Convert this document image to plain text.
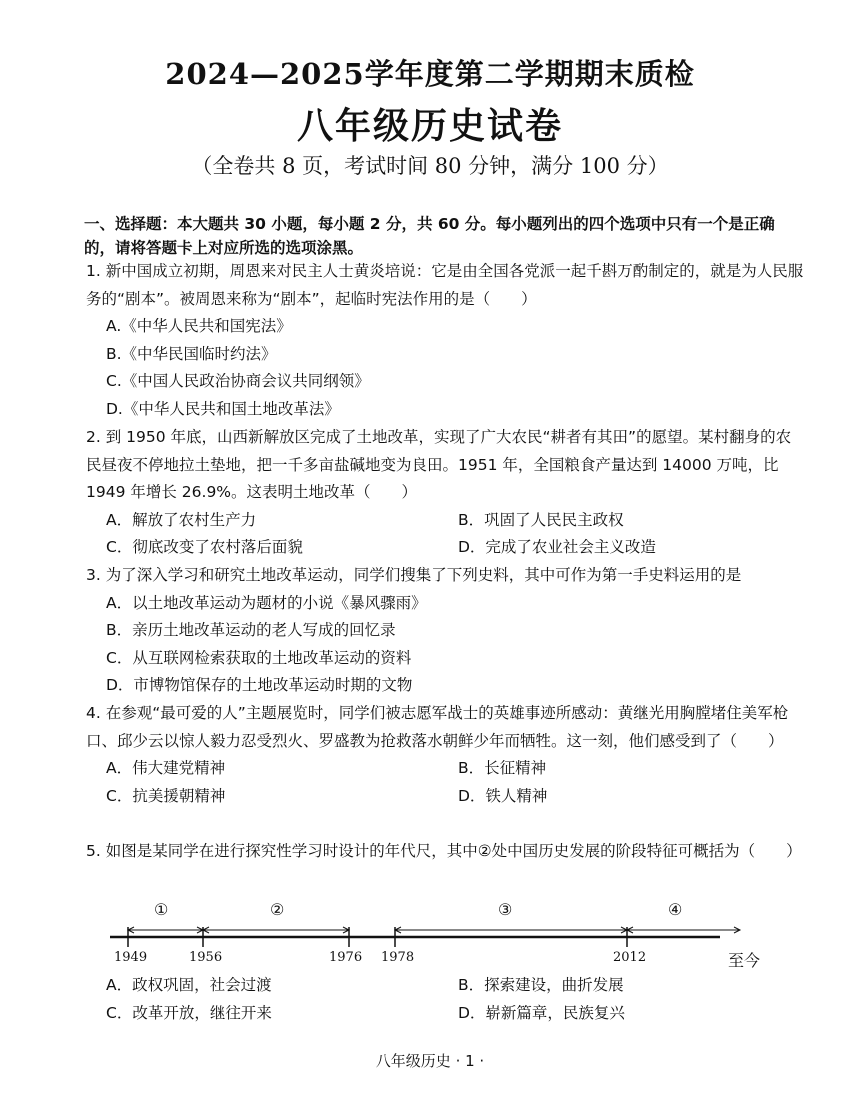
2024—2025学年度第二学期期末质检
八年级历史试卷
（全卷共 8 页，考试时间 80 分钟，满分 100 分）
一、选择题：本大题共 30 小题，每小题 2 分，共 60 分。每小题列出的四个选项中只有一个是正确的，请将答题卡上对应所选的选项涂黑。
1. 新中国成立初期，周恩来对民主人士黄炎培说：它是由全国各党派一起千斟万酌制定的，就是为人民服务的“剧本”。被周恩来称为“剧本”，起临时宪法作用的是（　　）
A.《中华人民共和国宪法》
B.《中华民国临时约法》
C.《中国人民政治协商会议共同纲领》
D.《中华人民共和国土地改革法》
2. 到 1950 年底，山西新解放区完成了土地改革，实现了广大农民“耕者有其田”的愿望。某村翻身的农民昼夜不停地拉土垫地，把一千多亩盐碱地变为良田。1951 年，全国粮食产量达到 14000 万吨，比 1949 年增长 26.9%。这表明土地改革（　　）
A．解放了农村生产力	B．巩固了人民民主政权
C．彻底改变了农村落后面貌	D．完成了农业社会主义改造
3. 为了深入学习和研究土地改革运动，同学们搜集了下列史料，其中可作为第一手史料运用的是
A．以土地改革运动为题材的小说《暴风骤雨》
B．亲历土地改革运动的老人写成的回忆录
C．从互联网检索获取的土地改革运动的资料
D．市博物馆保存的土地改革运动时期的文物
4. 在参观“最可爱的人”主题展览时，同学们被志愿军战士的英雄事迹所感动：黄继光用胸膛堵住美军枪口、邱少云以惊人毅力忍受烈火、罗盛教为抢救落水朝鲜少年而牺牲。这一刻，他们感受到了（　　）
A．伟大建党精神	B．长征精神
C．抗美援朝精神	D．铁人精神
5. 如图是某同学在进行探究性学习时设计的年代尺，其中②处中国历史发展的阶段特征可概括为（　　）
①	②	③	④
1949	1956	1976 1978	2012	至今
A．政权巩固，社会过渡	B．探索建设，曲折发展
C．改革开放，继往开来	D．崭新篇章，民族复兴
八年级历史 · 1 ·
